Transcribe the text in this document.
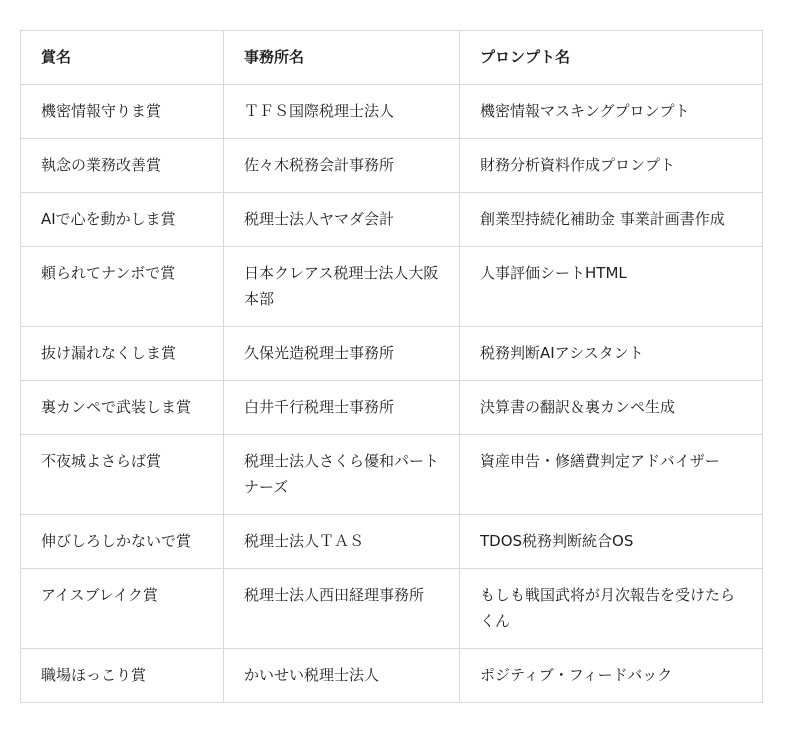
賞名	事務所名	プロンプト名
機密情報守りま賞	ＴＦＳ国際税理士法人	機密情報マスキングプロンプト
執念の業務改善賞	佐々木税務会計事務所	財務分析資料作成プロンプト
AIで心を動かしま賞	税理士法人ヤマダ会計	創業型持続化補助金 事業計画書作成
頼られてナンボで賞	日本クレアス税理士法人大阪本部	人事評価シートHTML
抜け漏れなくしま賞	久保光造税理士事務所	税務判断AIアシスタント
裏カンペで武装しま賞	白井千行税理士事務所	決算書の翻訳＆裏カンペ生成
不夜城よさらば賞	税理士法人さくら優和パートナーズ	資産申告・修繕費判定アドバイザー
伸びしろしかないで賞	税理士法人ＴＡＳ	TDOS税務判断統合OS
アイスブレイク賞	税理士法人西田経理事務所	もしも戦国武将が月次報告を受けたらくん
職場ほっこり賞	かいせい税理士法人	ポジティブ・フィードバック
